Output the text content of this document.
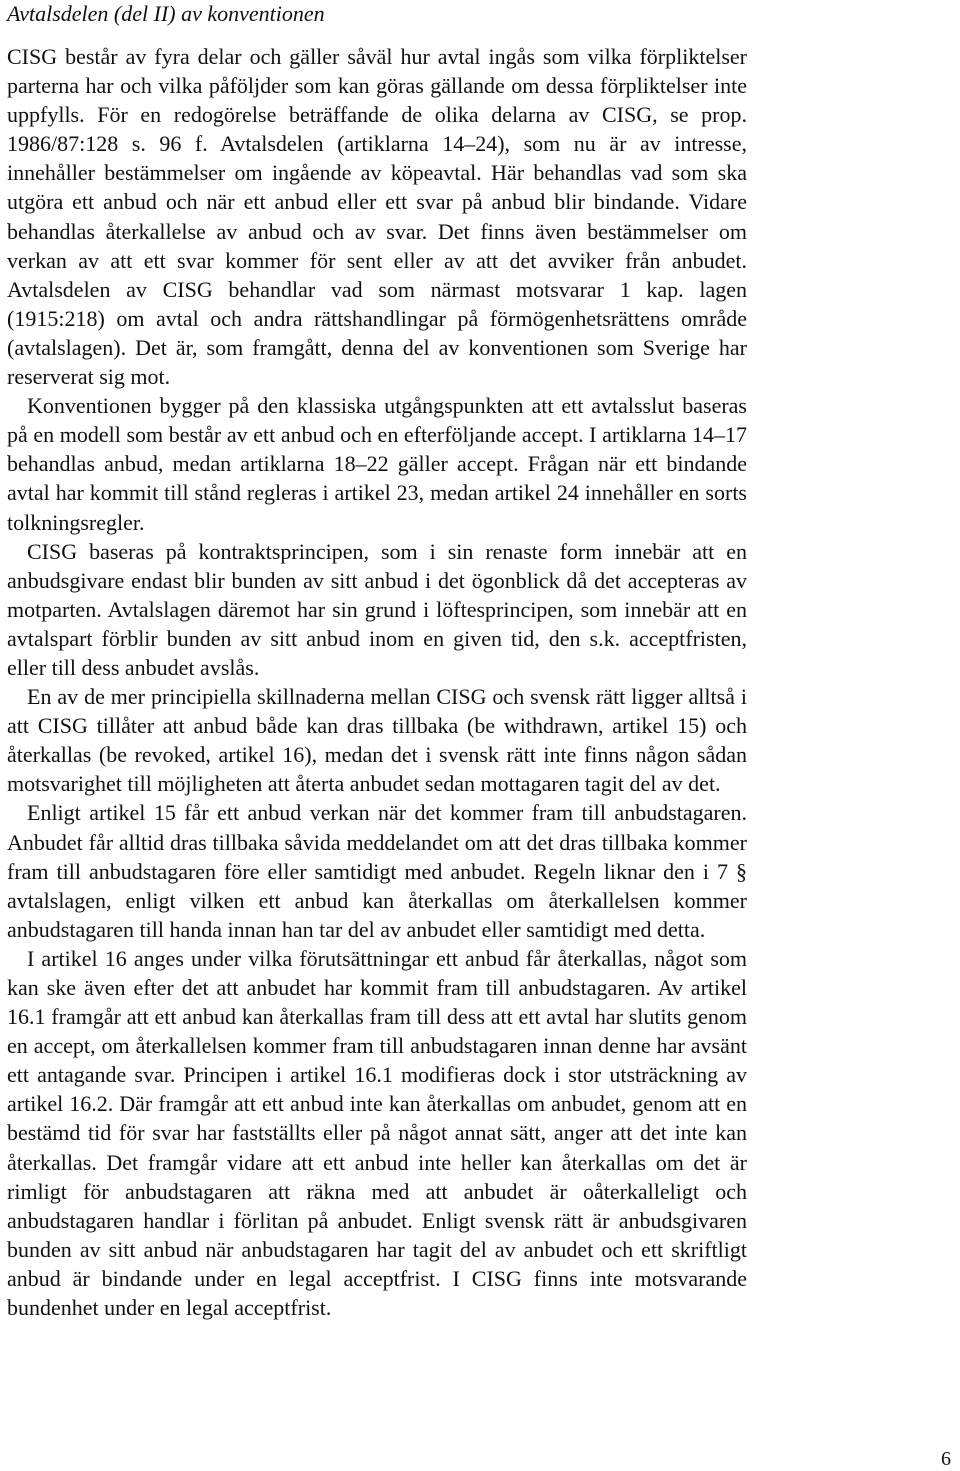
Avtalsdelen (del II) av konventionen

CISG består av fyra delar och gäller såväl hur avtal ingås som vilka förpliktelser parterna har och vilka påföljder som kan göras gällande om dessa förpliktelser inte uppfylls. För en redogörelse beträffande de olika delarna av CISG, se prop. 1986/87:128 s. 96 f. Avtalsdelen (artiklarna 14–24), som nu är av intresse, innehåller bestämmelser om ingående av köpeavtal. Här behandlas vad som ska utgöra ett anbud och när ett anbud eller ett svar på anbud blir bindande. Vidare behandlas återkallelse av anbud och av svar. Det finns även bestämmelser om verkan av att ett svar kommer för sent eller av att det avviker från anbudet. Avtalsdelen av CISG behandlar vad som närmast motsvarar 1 kap. lagen (1915:218) om avtal och andra rättshandlingar på förmögenhetsrättens område (avtalslagen). Det är, som framgått, denna del av konventionen som Sverige har reserverat sig mot.

Konventionen bygger på den klassiska utgångspunkten att ett avtalsslut baseras på en modell som består av ett anbud och en efterföljande accept. I artiklarna 14–17 behandlas anbud, medan artiklarna 18–22 gäller accept. Frågan när ett bindande avtal har kommit till stånd regleras i artikel 23, medan artikel 24 innehåller en sorts tolkningsregler.

CISG baseras på kontraktsprincipen, som i sin renaste form innebär att en anbudsgivare endast blir bunden av sitt anbud i det ögonblick då det accepteras av motparten. Avtalslagen däremot har sin grund i löftesprincipen, som innebär att en avtalspart förblir bunden av sitt anbud inom en given tid, den s.k. acceptfristen, eller till dess anbudet avslås.

En av de mer principiella skillnaderna mellan CISG och svensk rätt ligger alltså i att CISG tillåter att anbud både kan dras tillbaka (be withdrawn, artikel 15) och återkallas (be revoked, artikel 16), medan det i svensk rätt inte finns någon sådan motsvarighet till möjligheten att återta anbudet sedan mottagaren tagit del av det.

Enligt artikel 15 får ett anbud verkan när det kommer fram till anbudstagaren. Anbudet får alltid dras tillbaka såvida meddelandet om att det dras tillbaka kommer fram till anbudstagaren före eller samtidigt med anbudet. Regeln liknar den i 7 § avtalslagen, enligt vilken ett anbud kan återkallas om återkallelsen kommer anbudstagaren till handa innan han tar del av anbudet eller samtidigt med detta.

I artikel 16 anges under vilka förutsättningar ett anbud får återkallas, något som kan ske även efter det att anbudet har kommit fram till anbudstagaren. Av artikel 16.1 framgår att ett anbud kan återkallas fram till dess att ett avtal har slutits genom en accept, om återkallelsen kommer fram till anbudstagaren innan denne har avsänt ett antagande svar. Principen i artikel 16.1 modifieras dock i stor utsträckning av artikel 16.2. Där framgår att ett anbud inte kan återkallas om anbudet, genom att en bestämd tid för svar har fastställts eller på något annat sätt, anger att det inte kan återkallas. Det framgår vidare att ett anbud inte heller kan återkallas om det är rimligt för anbudstagaren att räkna med att anbudet är oåterkalleligt och anbudstagaren handlar i förlitan på anbudet. Enligt svensk rätt är anbudsgivaren bunden av sitt anbud när anbudstagaren har tagit del av anbudet och ett skriftligt anbud är bindande under en legal acceptfrist. I CISG finns inte motsvarande bundenhet under en legal acceptfrist.

6
